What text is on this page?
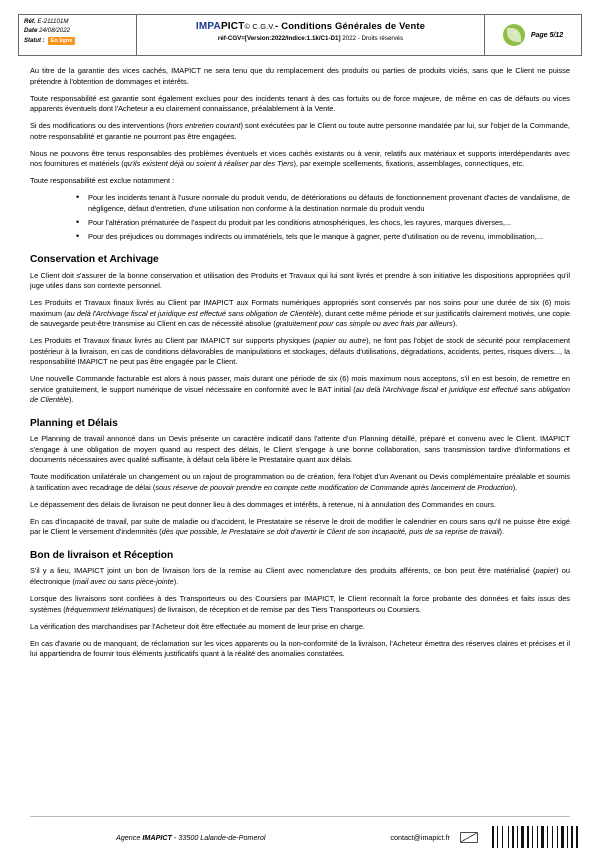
Réf. E-211101M
Date 24/08/2022
Statut :	En ligne
IMPAPICT© C.G.V.- Conditions Générales de Vente
réf-CGV=[Version:2022/Indice:1.1k/C1-D1] 2022 - Droits réservés	Page 5/12

Au titre de la garantie des vices cachés, IMAPICT ne sera tenu que du remplacement des produits ou parties de produits viciés, sans que le Client ne puisse prétendre à l'obtention de dommages et intérêts.

Toute responsabilité est garantie sont également exclues pour des incidents tenant à des cas fortuits ou de force majeure, de même en cas de défauts ou vices apparents éventuels dont l'Acheteur a eu clairement connaissance, préalablement à la Vente.

Si des modifications ou des interventions (hors entretien courant) sont exécutées par le Client ou toute autre personne mandatée par lui, sur l'objet de la Commande, notre responsabilité et garantie ne pourront pas être engagées.

Nous ne pouvons être tenus responsables des problèmes éventuels et vices cachés existants ou à venir, relatifs aux matériaux et supports interdépendants avec nos fournitures et matériels (qu'ils existent déjà ou soient à réaliser par des Tiers), par exemple scellements, fixations, assemblages, connectiques, etc.

Toute responsabilité est exclue notamment :

• Pour les incidents tenant à l'usure normale du produit vendu, de détériorations ou défauts de fonctionnement provenant d'actes de vandalisme, de négligence, défaut d'entretien, d'une utilisation non conforme à la destination normale du produit vendu
• Pour l'altération prématurée de l'aspect du produit par les conditions atmosphériques, les chocs, les rayures, marques diverses,...
• Pour des préjudices ou dommages indirects ou immatériels, tels que le manque à gagner, perte d'utilisation ou de revenu, immobilisation,...
Conservation et Archivage

Le Client doit s'assurer de la bonne conservation et utilisation des Produits et Travaux qui lui sont livrés et prendre à son initiative les dispositions appropriées qu'il juge utiles dans son contexte personnel.

Les Produits et Travaux finaux livrés au Client par IMAPICT aux Formats numériques appropriés sont conservés par nos soins pour une durée de six (6) mois maximum (au delà l'Archivage fiscal et juridique est effectué sans obligation de Clientèle), durant cette même période et sur justificatifs clairement motivés, une copie de sauvegarde peut-être transmise au Client en cas de nécessité absolue (gratuitement pour cas simple ou avec frais par ailleurs).

Les Produits et Travaux finaux livrés au Client par IMAPICT sur supports physiques (papier ou autre), ne font pas l'objet de stock de sécurité pour remplacement postérieur à la livraison, en cas de conditions défavorables de manipulations et stockages, défauts d'utilisations, dégradations, accidents, pertes, risques divers..., la responsabilité IMAPICT ne peut pas être engagée par le Client.

Une nouvelle Commande facturable est alors à nous passer, mais durant une période de six (6) mois maximum nous acceptons, s'il en est besoin, de remettre en service gratuitement, le support numérique de visuel nécessaire en conformité avec le BAT initial (au delà l'Archivage fiscal et juridique est effectué sans obligation de Clientèle).

Planning et Délais

Le Planning de travail annoncé dans un Devis présente un caractère indicatif dans l'attente d'un Planning détaillé, préparé et convenu avec le Client. IMAPICT s'engage à une obligation de moyen quand au respect des délais, le Client s'engage à une bonne collaboration, sans transmission tardive d'informations et documents nécessaires avec qualité suffisante, à défaut cela libère le Prestataire quant aux délais.

Toute modification unilatérale un changement ou un rajout de programmation ou de création, fera l'objet d'un Avenant ou Devis complémentaire préalable et soumis à tarification avec recadrage de délai (sous réserve de pouvoir prendre en compte cette modification de Commande après lancement de Production).

Le dépassement des délais de livraison ne peut donner lieu à des dommages et intérêts, à retenue, ni à annulation des Commandes en cours.

En cas d'incapacité de travail, par suite de maladie ou d'accident, le Prestataire se réserve le droit de modifier le calendrier en cours sans qu'il ne puisse être exigé par le Client le versement d'indemnités (dès que possible, le Prestataire se doit d'avertir le Client de son incapacité, puis de sa reprise de travail).

Bon de livraison et Réception

S'il y a lieu, IMAPICT joint un bon de livraison lors de la remise au Client avec nomenclature des produits afférents, ce bon peut être matérialisé (papier) ou électronique (mail avec ou sans pièce-jointe).

Lorsque des livraisons sont confiées à des Transporteurs ou des Coursiers par IMAPICT, le Client reconnaît la force probante des données et faits issus des systèmes (fréquemment télématiques) de livraison, de réception et de remise par des Tiers Transporteurs ou Coursiers.

La vérification des marchandises par l'Acheteur doit être effectuée au moment de leur prise en charge.

En cas d'avarie ou de manquant, de réclamation sur les vices apparents ou la non-conformité de la livraison, l'Acheteur émettra des réserves claires et précises et il lui appartiendra de fournir tous éléments justificatifs quant à la réalité des anomalies constatées.

Agence IMAPICT - 33500 Lalande-de-Pomerol	contact@imapict.fr
